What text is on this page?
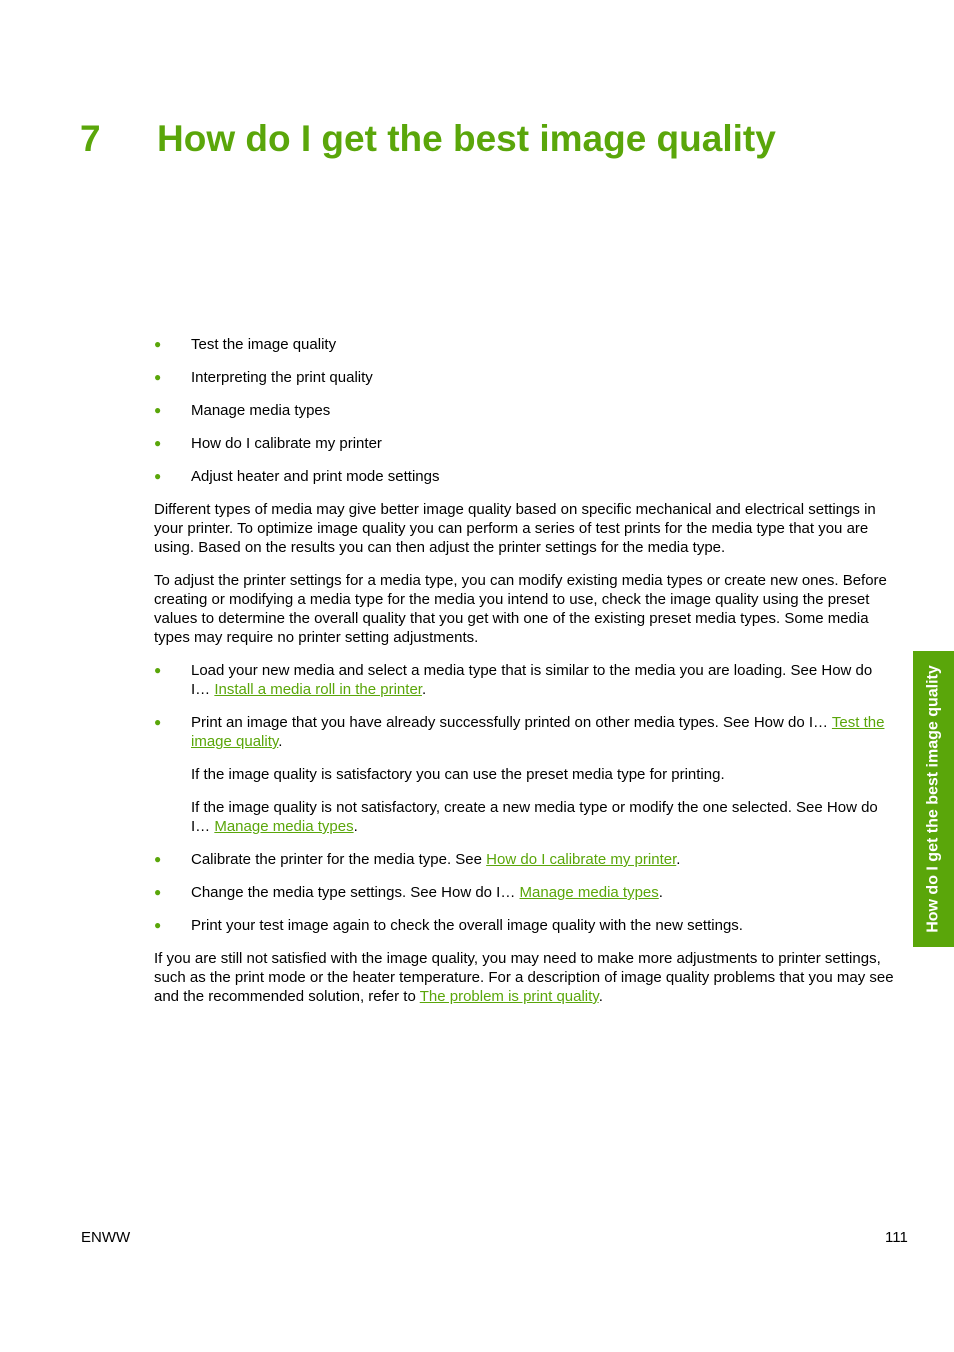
7 How do I get the best image quality
● Test the image quality
● Interpreting the print quality
● Manage media types
● How do I calibrate my printer
● Adjust heater and print mode settings

Different types of media may give better image quality based on specific mechanical and electrical settings in your printer. To optimize image quality you can perform a series of test prints for the media type that you are using. Based on the results you can then adjust the printer settings for the media type.

To adjust the printer settings for a media type, you can modify existing media types or create new ones. Before creating or modifying a media type for the media you intend to use, check the image quality using the preset values to determine the overall quality that you get with one of the existing preset media types. Some media types may require no printer setting adjustments.

● Load your new media and select a media type that is similar to the media you are loading. See How do I… Install a media roll in the printer.

● Print an image that you have already successfully printed on other media types. See How do I… Test the image quality.

If the image quality is satisfactory you can use the preset media type for printing.

If the image quality is not satisfactory, create a new media type or modify the one selected. See How do I… Manage media types.

● Calibrate the printer for the media type. See How do I calibrate my printer.

● Change the media type settings. See How do I… Manage media types.

● Print your test image again to check the overall image quality with the new settings.

If you are still not satisfied with the image quality, you may need to make more adjustments to printer settings, such as the print mode or the heater temperature. For a description of image quality problems that you may see and the recommended solution, refer to The problem is print quality.

How do I get the best image quality
ENWW	111
